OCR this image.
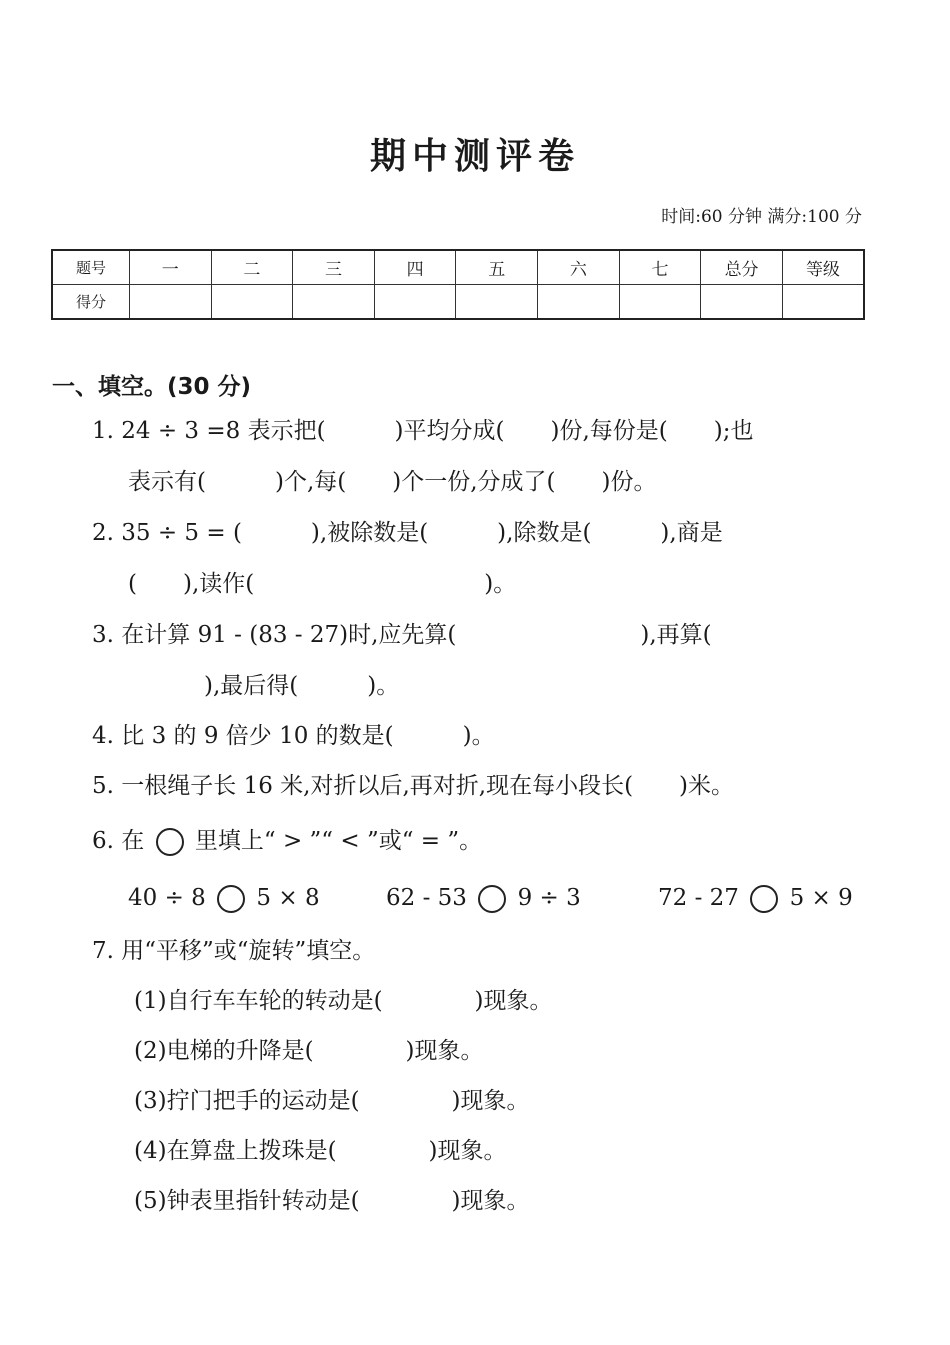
期中测评卷
时间:60 分钟 满分:100 分
题号	一	二	三	四	五	六	七	总分	等级
得分									
一、填空。(30 分)
1. 24 ÷ 3 =8 表示把(　　　)平均分成(　　)份,每份是(　　);也
表示有(　　　)个,每(　　)个一份,分成了(　　)份。
2. 35 ÷ 5 = (　　　),被除数是(　　　),除数是(　　　),商是
(　　),读作(　　　　　　　　　　)。
3. 在计算 91 - (83 - 27)时,应先算(　　　　　　　　),再算(
),最后得(　　　)。
4. 比 3 的 9 倍少 10 的数是(　　　)。
5. 一根绳子长 16 米,对折以后,再对折,现在每小段长(　　)米。
6. 在 里填上“ > ”“ < ”或“ = ”。
40 ÷ 8 5 × 8	62 - 53 9 ÷ 3	72 - 27 5 × 9
7. 用“平移”或“旋转”填空。
(1)自行车车轮的转动是(　　　　)现象。
(2)电梯的升降是(　　　　)现象。
(3)拧门把手的运动是(　　　　)现象。
(4)在算盘上拨珠是(　　　　)现象。
(5)钟表里指针转动是(　　　　)现象。
